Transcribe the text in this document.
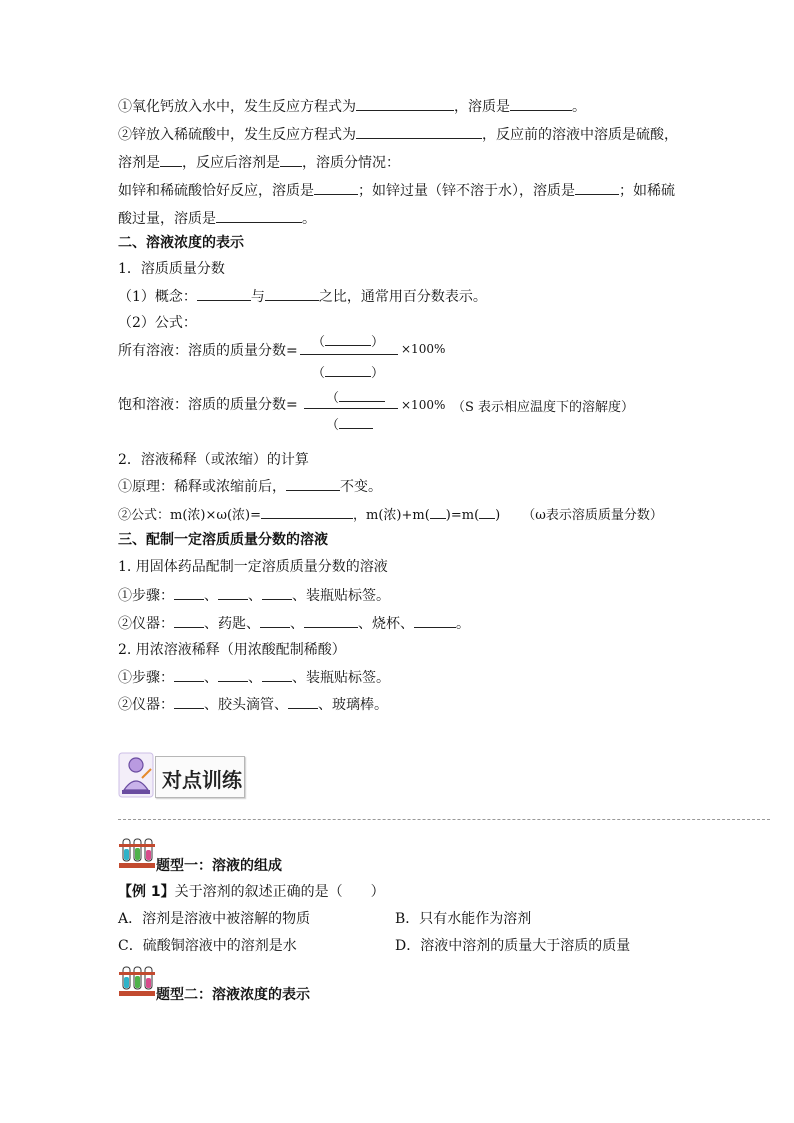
①氧化钙放入水中，发生反应方程式为	，溶质是	。
②锌放入稀硫酸中，发生反应方程式为	，反应前的溶液中溶质是硫酸，
溶剂是 ，反应后溶剂是 ，溶质分情况：
如锌和稀硫酸恰好反应，溶质是	；如锌过量（锌不溶于水），溶质是	；如稀硫
酸过量，溶质是	。
二、溶液浓度的表示
1．溶质质量分数
（1）概念：	与	之比，通常用百分数表示。
（2）公式：
所有溶液：溶质的质量分数=
（	）
（	）
×100%
饱和溶液：溶质的质量分数= （
（
×100% （S 表示相应温度下的溶解度）
2．溶液稀释（或浓缩）的计算
①原理：稀释或浓缩前后，	不变。
②公式：m(浓)×ω(浓)=	，m(浓)+m( )=m( ) （ω表示溶质质量分数）
三、配制一定溶质质量分数的溶液
1. 用固体药品配制一定溶质质量分数的溶液
①步骤： 、 、 、装瓶贴标签。
②仪器： 、药匙、 、	、烧杯、	。
2. 用浓溶液稀释（用浓酸配制稀酸）
①步骤： 、 、 、装瓶贴标签。
②仪器： 、胶头滴管、 、玻璃棒。
对点训练
题型一：溶液的组成
【例 1】关于溶剂的叙述正确的是（　　）
A．溶剂是溶液中被溶解的物质	B．只有水能作为溶剂
C．硫酸铜溶液中的溶剂是水	D．溶液中溶剂的质量大于溶质的质量
题型二：溶液浓度的表示
